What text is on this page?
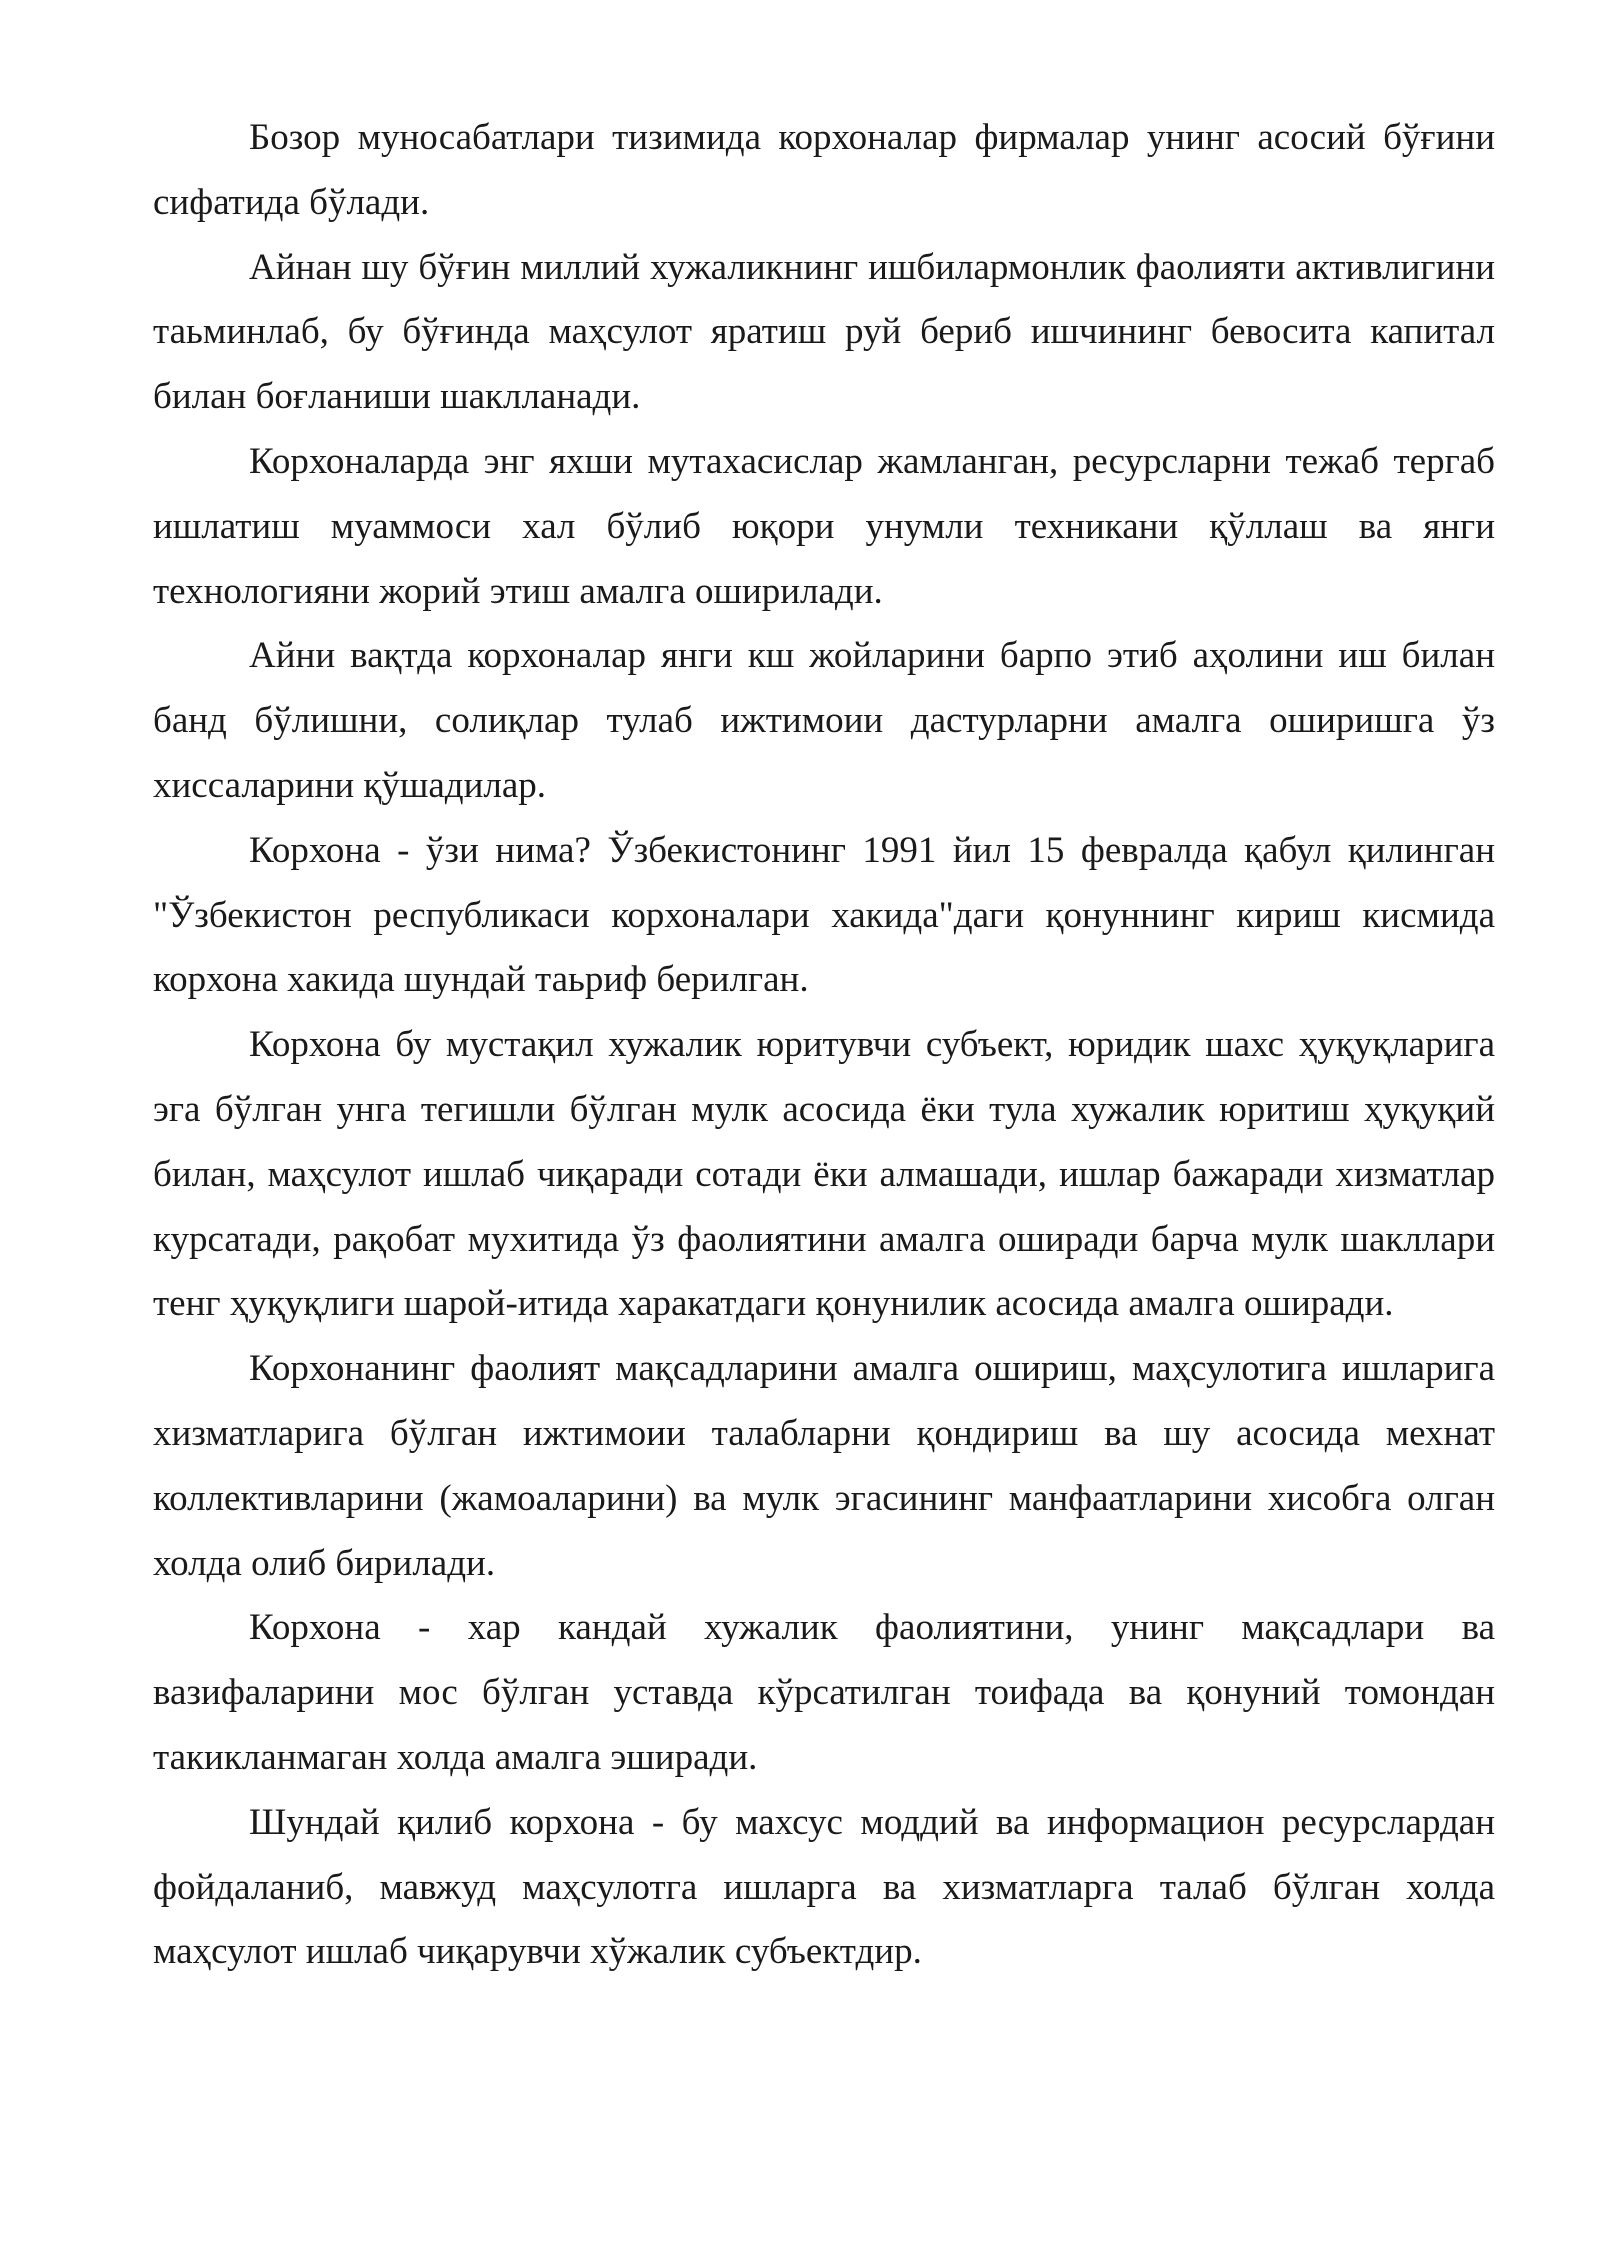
Бозор муносабатлари тизимида корхоналар фирмалар унинг асосий бўғини сифатида бўлади.

Айнан шу бўғин миллий хужаликнинг ишбилармонлик фаолияти активлигини таьминлаб, бу бўғинда маҳсулот яратиш руй бериб ишчининг бевосита капитал билан боғланиши шаклланади.

Корхоналарда энг яхши мутахасислар жамланган, ресурсларни тежаб тергаб ишлатиш муаммоси хал бўлиб юқори унумли техникани қўллаш ва янги технологияни жорий этиш амалга оширилади.

Айни вақтда корхоналар янги кш жойларини барпо этиб аҳолини иш билан банд бўлишни, солиқлар тулаб ижтимоии дастурларни амалга оширишга ўз хиссаларини қўшадилар.

Корхона - ўзи нима? Ўзбекистонинг 1991 йил 15 февралда қабул қилинган "Ўзбекистон республикаси корхоналари хакида"даги қонуннинг кириш кисмида корхона хакида шундай таьриф берилган.

Корхона бу мустақил хужалик юритувчи субъект, юридик шахс ҳуқуқларига эга бўлган унга тегишли бўлган мулк асосида ёки тула хужалик юритиш ҳуқуқий билан, маҳсулот ишлаб чиқаради сотади ёки алмашади, ишлар бажаради хизматлар курсатади, рақобат мухитида ўз фаолиятини амалга оширади барча мулк шакллари тенг ҳуқуқлиги шарой-итида харакатдаги қонунилик асосида амалга оширади.

Корхонанинг фаолият мақсадларини амалга ошириш, маҳсулотига ишларига хизматларига бўлган ижтимоии талабларни қондириш ва шу асосида мехнат коллективларини (жамоаларини) ва мулк эгасининг манфаатларини хисобга олган холда олиб бирилади.

Корхона - хар кандай хужалик фаолиятини, унинг мақсадлари ва вазифаларини мос бўлган уставда кўрсатилган тоифада ва қонуний томондан такикланмаган холда амалга эширади.

Шундай қилиб корхона - бу махсус моддий ва информацион ресурслардан фойдаланиб, мавжуд маҳсулотга ишларга ва хизматларга талаб бўлган холда маҳсулот ишлаб чиқарувчи хўжалик субъектдир.
